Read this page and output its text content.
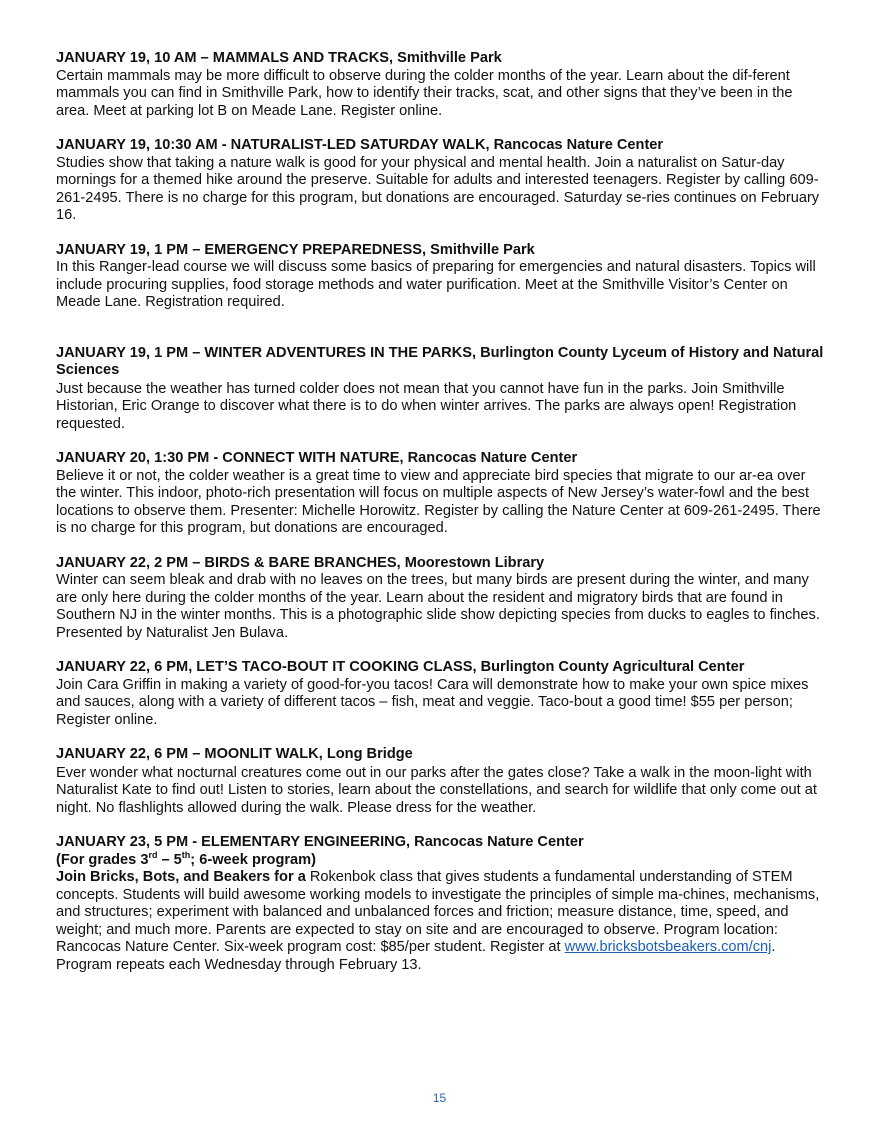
JANUARY 19, 10 AM – MAMMALS AND TRACKS, Smithville Park

Certain mammals may be more difficult to observe during the colder months of the year. Learn about the dif-ferent mammals you can find in Smithville Park, how to identify their tracks, scat, and other signs that they’ve been in the area. Meet at parking lot B on Meade Lane. Register online.

JANUARY 19, 10:30 AM - NATURALIST-LED SATURDAY WALK, Rancocas Nature Center

Studies show that taking a nature walk is good for your physical and mental health. Join a naturalist on Satur-day mornings for a themed hike around the preserve. Suitable for adults and interested teenagers. Register by calling 609-261-2495. There is no charge for this program, but donations are encouraged. Saturday se-ries continues on February 16.

JANUARY 19, 1 PM – EMERGENCY PREPAREDNESS, Smithville Park

In this Ranger-lead course we will discuss some basics of preparing for emergencies and natural disasters. Topics will include procuring supplies, food storage methods and water purification. Meet at the Smithville Visitor’s Center on Meade Lane. Registration required.

JANUARY 19, 1 PM – WINTER ADVENTURES IN THE PARKS, Burlington County Lyceum of History and Natural Sciences

Just because the weather has turned colder does not mean that you cannot have fun in the parks. Join Smithville Historian, Eric Orange to discover what there is to do when winter arrives. The parks are always open! Registration requested.

JANUARY 20, 1:30 PM - CONNECT WITH NATURE, Rancocas Nature Center

Believe it or not, the colder weather is a great time to view and appreciate bird species that migrate to our ar-ea over the winter. This indoor, photo-rich presentation will focus on multiple aspects of New Jersey’s water-fowl and the best locations to observe them. Presenter: Michelle Horowitz. Register by calling the Nature Center at 609-261-2495. There is no charge for this program, but donations are encouraged.

JANUARY 22, 2 PM – BIRDS & BARE BRANCHES, Moorestown Library

Winter can seem bleak and drab with no leaves on the trees, but many birds are present during the winter, and many are only here during the colder months of the year. Learn about the resident and migratory birds that are found in Southern NJ in the winter months. This is a photographic slide show depicting species from ducks to eagles to finches. Presented by Naturalist Jen Bulava.

JANUARY 22, 6 PM, LET’S TACO-BOUT IT COOKING CLASS, Burlington County Agricultural Center

Join Cara Griffin in making a variety of good-for-you tacos! Cara will demonstrate how to make your own spice mixes and sauces, along with a variety of different tacos – fish, meat and veggie. Taco-bout a good time! $55 per person; Register online.

JANUARY 22, 6 PM – MOONLIT WALK, Long Bridge

Ever wonder what nocturnal creatures come out in our parks after the gates close? Take a walk in the moon-light with Naturalist Kate to find out! Listen to stories, learn about the constellations, and search for wildlife that only come out at night. No flashlights allowed during the walk. Please dress for the weather.

JANUARY 23, 5 PM - ELEMENTARY ENGINEERING, Rancocas Nature Center
(For grades 3rd – 5th; 6-week program)

Join Bricks, Bots, and Beakers for a Rokenbok class that gives students a fundamental understanding of STEM concepts. Students will build awesome working models to investigate the principles of simple ma-chines, mechanisms, and structures; experiment with balanced and unbalanced forces and friction; measure distance, time, speed, and weight; and much more. Parents are expected to stay on site and are encouraged to observe. Program location: Rancocas Nature Center. Six-week program cost: $85/per student. Register at www.bricksbotsbeakers.com/cnj. Program repeats each Wednesday through February 13.

15
